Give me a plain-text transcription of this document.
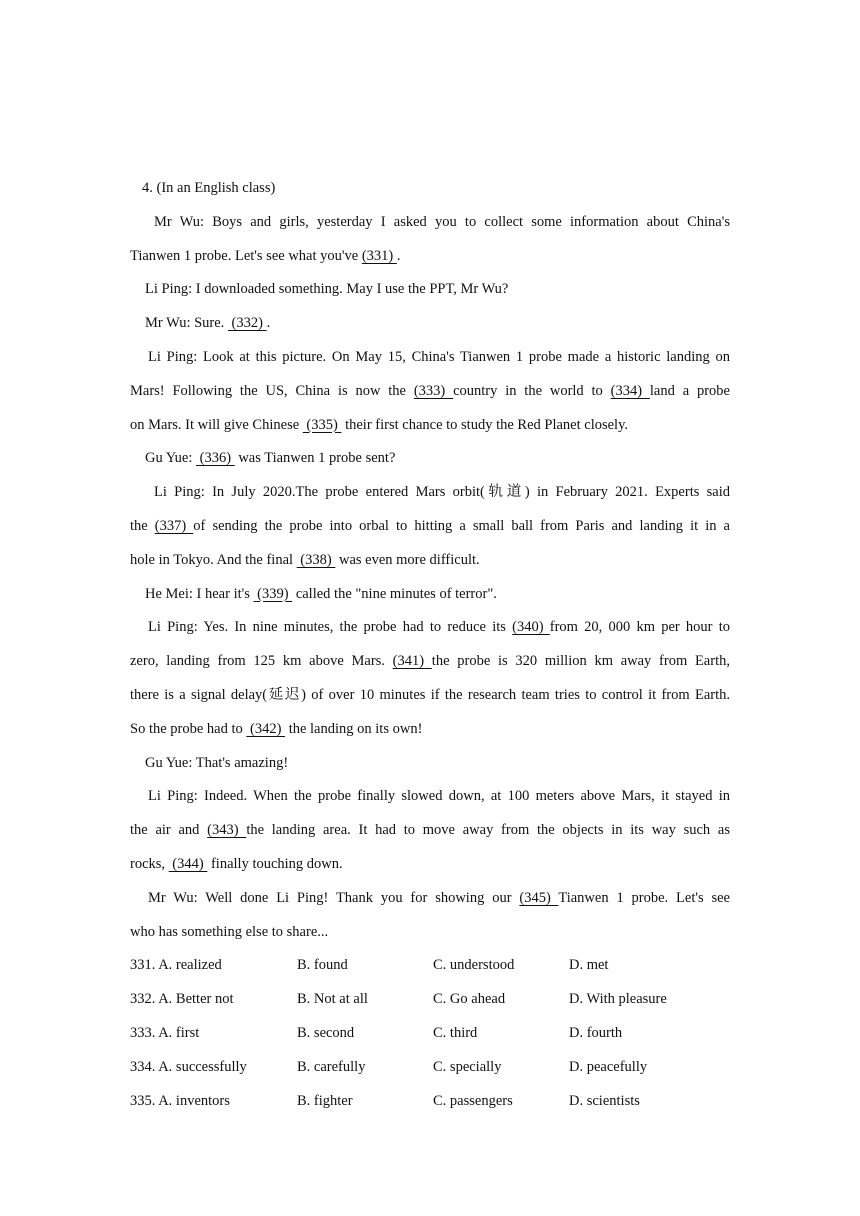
4. (In an English class)
Mr Wu: Boys and girls, yesterday I asked you to collect some information about China's
Tianwen 1 probe. Let's see what you've (331) .
Li Ping: I downloaded something. May I use the PPT, Mr Wu?
Mr Wu: Sure.  (332) .
Li Ping: Look at this picture. On May 15, China's Tianwen 1 probe made a historic landing on
Mars! Following the US, China is now the (333) country in the world to (334) land a probe
on Mars. It will give Chinese  (335)  their first chance to study the Red Planet closely.
Gu Yue:  (336)  was Tianwen 1 probe sent?
Li Ping: In July 2020.The probe entered Mars orbit(轨道) in February 2021. Experts said
the (337) of sending the probe into orbal to hitting a small ball from Paris and landing it in a
hole in Tokyo. And the final  (338)  was even more difficult.
He Mei: I hear it's  (339)  called the "nine minutes of terror".
Li Ping: Yes. In nine minutes, the probe had to reduce its (340) from 20, 000 km per hour to
zero, landing from 125 km above Mars. (341) the probe is 320 million km away from Earth,
there is a signal delay(延迟) of over 10 minutes if the research team tries to control it from Earth.
So the probe had to  (342)  the landing on its own!
Gu Yue: That's amazing!
Li Ping: Indeed. When the probe finally slowed down, at 100 meters above Mars, it stayed in
the air and (343) the landing area. It had to move away from the objects in its way such as
rocks,  (344)  finally touching down.
Mr Wu: Well done Li Ping! Thank you for showing our (345) Tianwen 1 probe. Let's see
who has something else to share...
331. A. realized	B. found	C. understood	D. met
332. A. Better not	B. Not at all	C. Go ahead	D. With pleasure
333. A. first	B. second	C. third	D. fourth
334. A. successfully	B. carefully	C. specially	D. peacefully
335. A. inventors	B. fighter	C. passengers	D. scientists
